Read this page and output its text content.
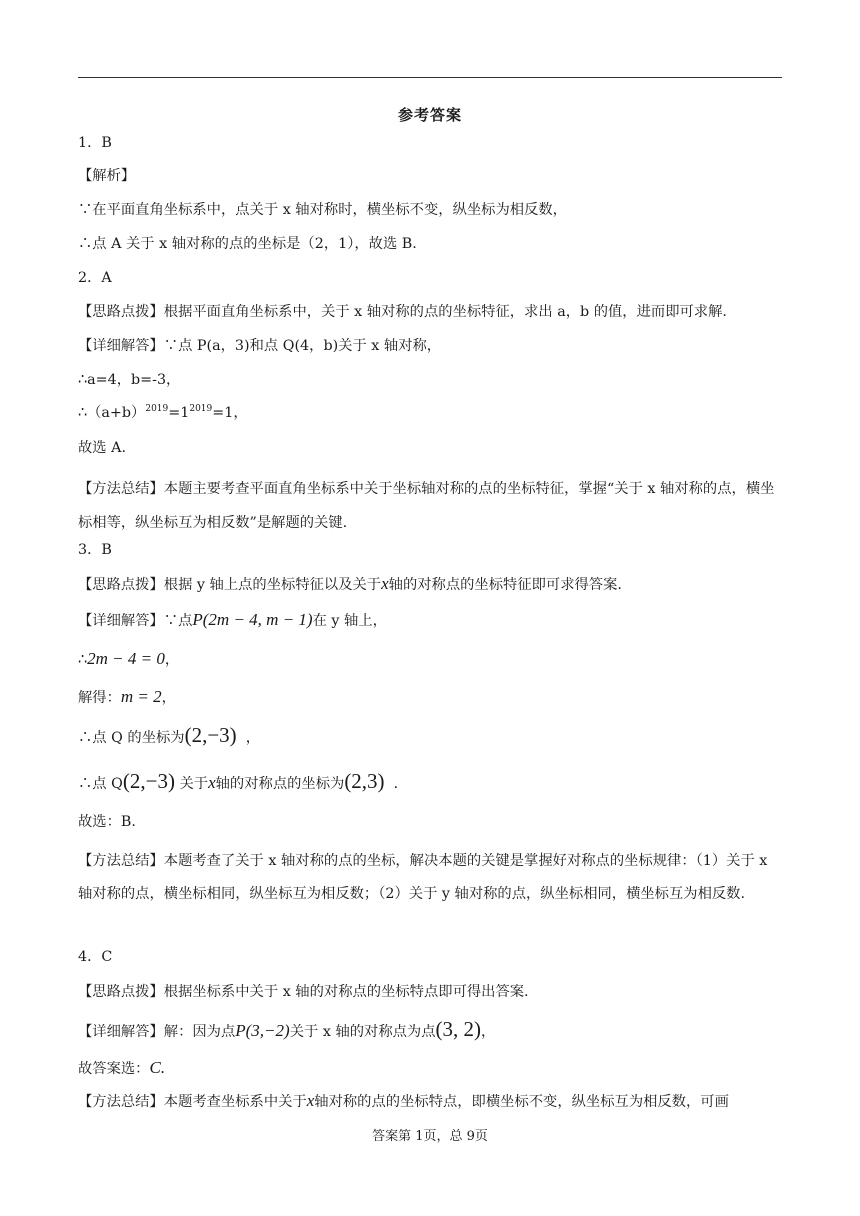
参考答案
1．B
【解析】
∵在平面直角坐标系中，点关于 x 轴对称时，横坐标不变，纵坐标为相反数，
∴点 A 关于 x 轴对称的点的坐标是（2，1），故选 B.
2．A
【思路点拨】根据平面直角坐标系中，关于 x 轴对称的点的坐标特征，求出 a，b 的值，进而即可求解.
【详细解答】∵点 P(a，3)和点 Q(4，b)关于 x 轴对称，
∴a=4，b=-3，
$\therefore(a+b)^{2019}=1^{2019}=1$，
故选 A.
【方法总结】本题主要考查平面直角坐标系中关于坐标轴对称的点的坐标特征，掌握“关于 x 轴对称的点，横坐标相等，纵坐标互为相反数”是解题的关键.
3．B
【思路点拨】根据 y 轴上点的坐标特征以及关于x轴的对称点的坐标特征即可求得答案.
【详细解答】∵点P(2m − 4, m − 1)在 y 轴上，
∴2m − 4 = 0，
解得：m = 2，
∴点 Q 的坐标为(2,−3) ，
∴点 Q(2,−3) 关于x轴的对称点的坐标为(2,3) ．
故选：B.
【方法总结】本题考查了关于 x 轴对称的点的坐标，解决本题的关键是掌握好对称点的坐标规律：（1）关于 x 轴对称的点，横坐标相同，纵坐标互为相反数；（2）关于 y 轴对称的点，纵坐标相同，横坐标互为相反数.
4．C
【思路点拨】根据坐标系中关于 x 轴的对称点的坐标特点即可得出答案.
【详细解答】解：因为点P(3,−2)关于 x 轴的对称点为点(3, 2)，
故答案选：C.
【方法总结】本题考查坐标系中关于x轴对称的点的坐标特点，即横坐标不变，纵坐标互为相反数，可画
答案第 1页，总 9页
